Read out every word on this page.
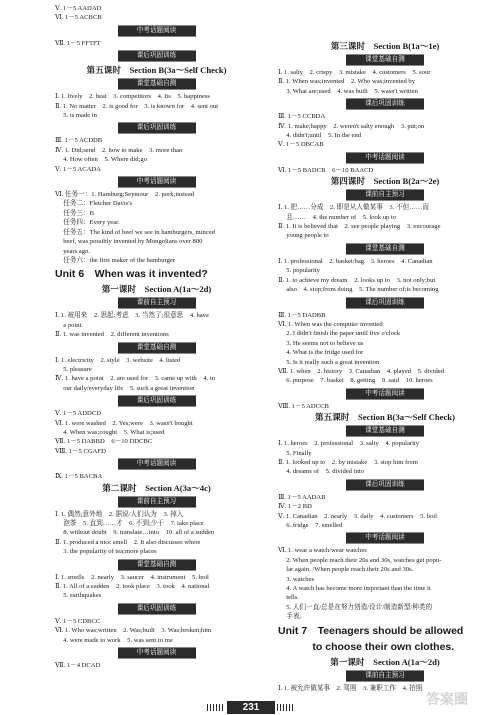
Ⅴ. 1－5 AADAD
Ⅵ. 1－5 ACBCB
中考话题阅读
Ⅶ. 1－5 FFTFT
课后巩固训练
第五课时　Section B(3a～Self Check)
课堂基础自测
Ⅰ. 1. lively　2. beat　3. competitors　4. Its　5. happiness
Ⅱ. 1. No matter　2. is good for　3. is known for　4. sent out
　 5. is made in
课后巩固训练
Ⅲ. 1－5 ACDDB
Ⅳ. 1. Did;send　2. how to make　3. more than
　 4. How often　5. Where did;go
Ⅴ. 1－5 ACADA
中考话题阅读
Ⅵ. 任务一：1. Hamburg;Seymour　2. pork;instead
　 任务二：Fletcher Davis's
　 任务三：B
　 任务四：Every year.
　 任务五：The kind of beef we see in hamburgers, minced
　 beef, was possibly invented by Mongolians over 800
　 years ago.
　 任务六：the first maker of the hamburger
Unit 6　When was it invented?
第一课时　Section A(1a～2d)
课前自主预习
Ⅰ. 1. 被用来　2. 思起;考虑　3. 当然了;很意思　4. have
　 a point
Ⅱ. 1. was invented　2. different inventions
课堂基础自测
Ⅰ. 1. electricity　2. style　3. website　4. listed
　 5. pleasure
Ⅳ. 1. have a point　2. are used for　3. came up with　4. in
　 our daily/everyday life　5. such a great invention
课后巩固训练
Ⅴ. 1－5 ADDCD
Ⅵ. 1. were washed　2. Yes;were　3. wasn't bought
　 4. When was;cought　5. What is;used
Ⅶ. 1－5 DABBD　6－10 DDCBC
Ⅷ. 1－5 CGAFD
中考话题阅读
Ⅸ. 1－5 BACBA
第二课时　Section A(3a～4c)
课前自主预习
Ⅰ. 1. 偶然;意外地　2. 据说/人们认为　3. 掉入
　 泡茶　5. 直到……才　6. 不到;少于　7. take place
　 8. without doubt　9. translate…into　10. all of a sudden
Ⅱ. 1. produced a nice smell　2. It also discusses where
　 3. the popularity of tea;more places
课堂基础自测
Ⅰ. 1. smells　2. nearly　3. saucer　4. instrument　5. boil
Ⅱ. 1. All of a sudden　2. took place　3. took　4. national
　 5. earthquakes
课后巩固训练
Ⅴ. 1－5 CDBCC
Ⅵ. 1. Who was;written　2. Was;built　3. Was;broken;him
　 4. were made to work　5. was sent to me
中考话题阅读
Ⅶ. 1－4 DCAD
第三课时　Section B(1a～1e)
课堂基础自测
Ⅰ. 1. salty　2. crispy　3. mistake　4. customers　5. sour
Ⅱ. 1. When was;invented　2. Who was;invented by
　 3. What are;used　4. was built　5. wasn't written
课后巩固训练
Ⅲ. 1－5 CCBDA
Ⅳ. 1. make;happy　2. weren't salty enough　3. put;on
　 4. didn't;until　5. In the end
Ⅴ. 1－5 DBCAB
中考话题阅读
Ⅵ. 1－5 BADCB　6－10 BAACD
第四课时　Section B(2a～2e)
课前自主预习
Ⅰ. 1. 把……分成　2. 即是从人做某事　3. 不但……而
　 且……　4. the number of　5. look up to
Ⅱ. 1. It is believed that　2. see people playing　3. encourage
　 young people to
课堂基础自测
Ⅰ. 1. professional　2. basket/bag　3. heroes　4. Canadian
　 5. popularity
Ⅱ. 1. to achieve my dream　2. looks up to　3. not only;but
　 also　4. stop;from doing　5. The number of;is becoming
课后巩固训练
Ⅲ. 1－5 DADBB
Ⅵ. 1. When was the computer invented
　 2. I didn't finish the paper until five o'clock
　 3. He seems not to believe us
　 4. What is the fridge used for
　 5. Is it really such a great invention
Ⅶ. 1. when　2. history　3. Canadian　4. played　5. divided
　 6. purpose　7. basket　8. getting　9. said　10. heroes
中考话题阅读
Ⅷ. 1－5 ADCCB
第五课时　Section B(3a～Self Check)
课堂基础自测
Ⅰ. 1. heroes　2. professional　3. salty　4. popularity
　 5. Finally
Ⅱ. 1. looked up to　2. by mistake　3. stop him from
　 4. dreams of　5. divided into
课后巩固训练
Ⅲ. 1－5 AADAB
Ⅳ. 1－2 BD
Ⅴ. 1. Canadian　2. nearly　3. daily　4. customers　5. boil
　 6. fridge　7. smelled
中考话题阅读
Ⅵ. 1. wear a watch/wear watches
　 2. When people reach their 20s and 30s, watches get popu-
　 lar again. /When people reach their 20s and 30s.
　 3. watches
　 4. A watch has become more important than the time it
　 tells.
　 5. 人们一直/总是在努力创造/设计/制造新型/种类的
　 手表。
Unit 7　Teenagers should be allowed
　　　 to choose their own clothes.
第一课时　Section A(1a～2d)
课前自主预习
Ⅰ. 1. 被允许做某事　2. 驾照　3. 兼职工作　4. 拍照
231
答案圈
